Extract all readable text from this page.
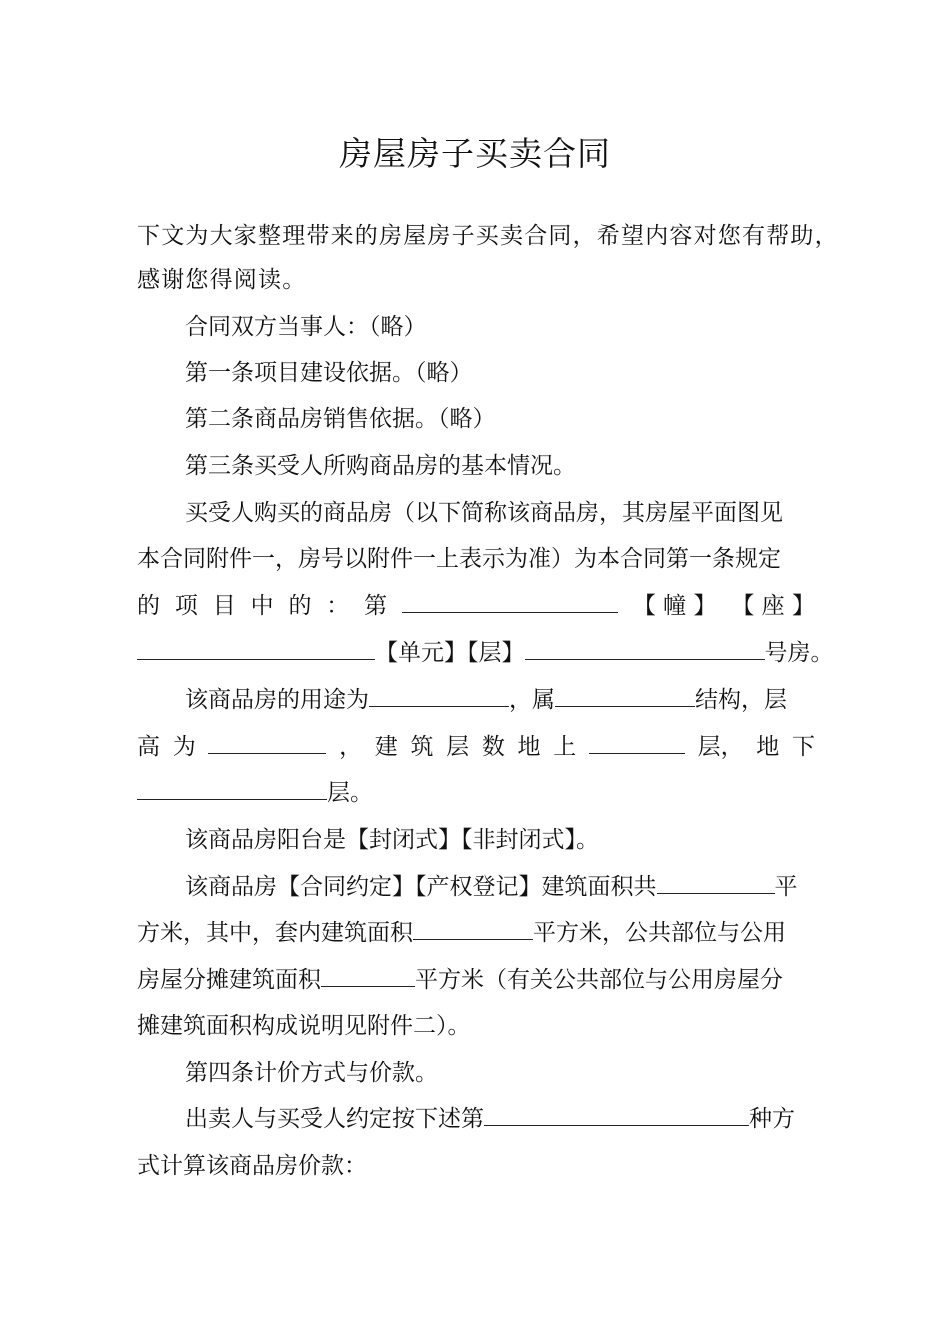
房屋房子买卖合同
下文为大家整理带来的房屋房子买卖合同，希望内容对您有帮助，
感谢您得阅读。
合同双方当事人：（略）
第一条项目建设依据。（略）
第二条商品房销售依据。（略）
第三条买受人所购商品房的基本情况。
买受人购买的商品房（以下简称该商品房，其房屋平面图见
本合同附件一，房号以附件一上表示为准）为本合同第一条规定
的 项 目 中 的 ： 第	【 幢 】 【 座 】
【单元】【层】	号房。
该商品房的用途为	，属	结构，层
高 为	， 建 筑 层 数 地 上	层， 地 下
层。
该商品房阳台是【封闭式】【非封闭式】。
该商品房【合同约定】【产权登记】建筑面积共	平
方米，其中，套内建筑面积	平方米，公共部位与公用
房屋分摊建筑面积	平方米（有关公共部位与公用房屋分
摊建筑面积构成说明见附件二）。
第四条计价方式与价款。
出卖人与买受人约定按下述第	种方
式计算该商品房价款：
